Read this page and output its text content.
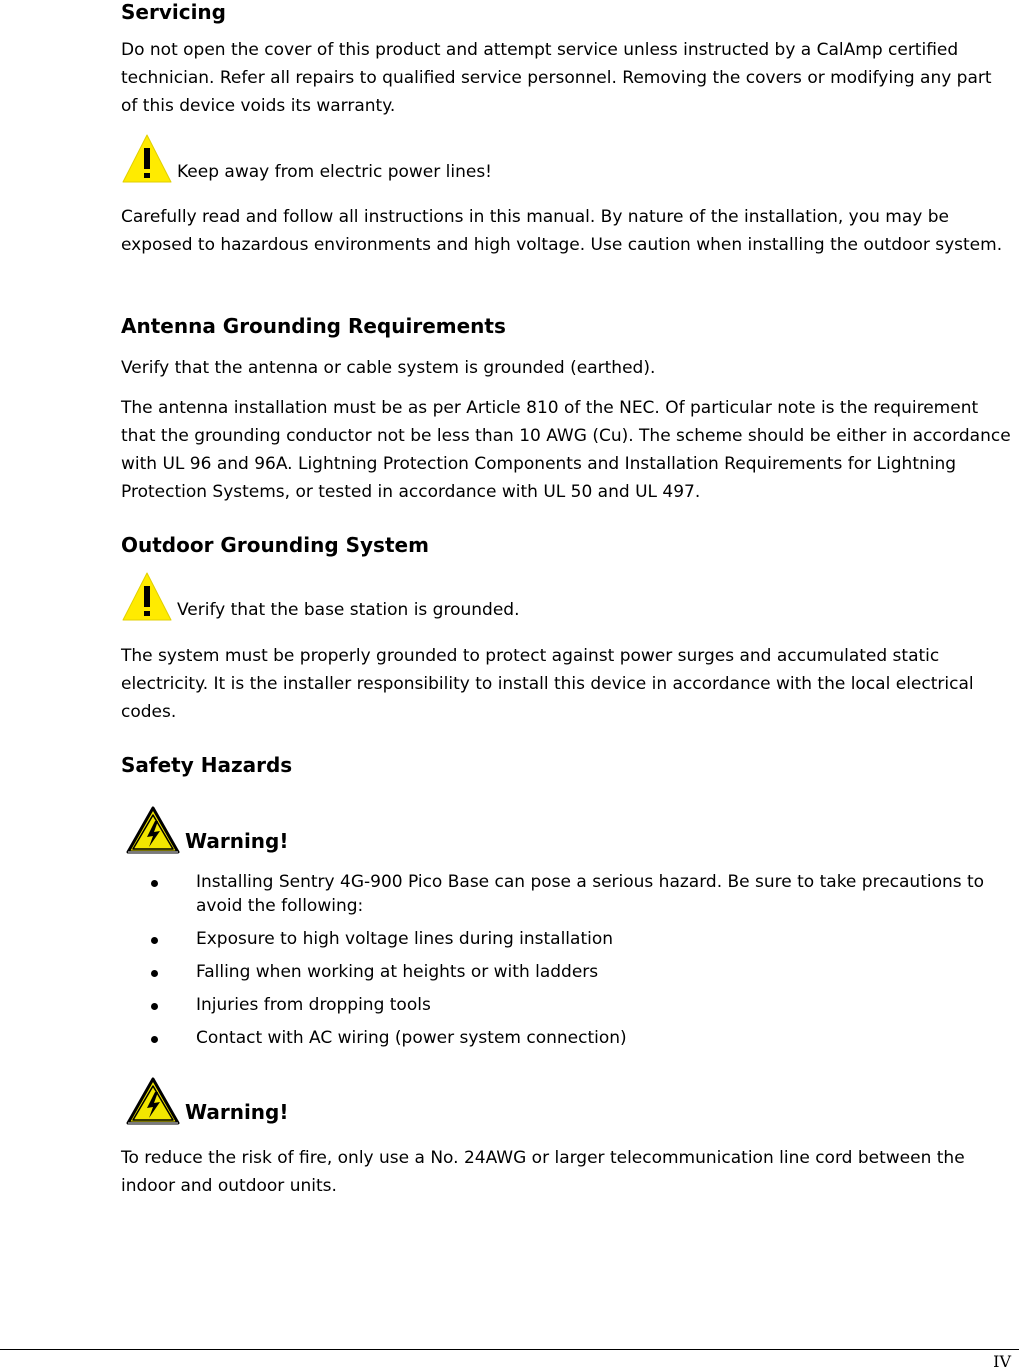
Servicing

Do not open the cover of this product and attempt service unless instructed by a CalAmp certified technician. Refer all repairs to qualified service personnel. Removing the covers or modifying any part of this device voids its warranty.

Keep away from electric power lines!

Carefully read and follow all instructions in this manual. By nature of the installation, you may be exposed to hazardous environments and high voltage. Use caution when installing the outdoor system.

Antenna Grounding Requirements

Verify that the antenna or cable system is grounded (earthed).

The antenna installation must be as per Article 810 of the NEC. Of particular note is the requirement that the grounding conductor not be less than 10 AWG (Cu). The scheme should be either in accordance with UL 96 and 96A. Lightning Protection Components and Installation Requirements for Lightning Protection Systems, or tested in accordance with UL 50 and UL 497.

Outdoor Grounding System
Verify that the base station is grounded.

The system must be properly grounded to protect against power surges and accumulated static electricity. It is the installer responsibility to install this device in accordance with the local electrical codes.

Safety Hazards
Warning!
Installing Sentry 4G-900 Pico Base can pose a serious hazard. Be sure to take precautions to avoid the following:
Exposure to high voltage lines during installation
Falling when working at heights or with ladders
Injuries from dropping tools
Contact with AC wiring (power system connection)
Warning!

To reduce the risk of fire, only use a No. 24AWG or larger telecommunication line cord between the indoor and outdoor units.

IV
